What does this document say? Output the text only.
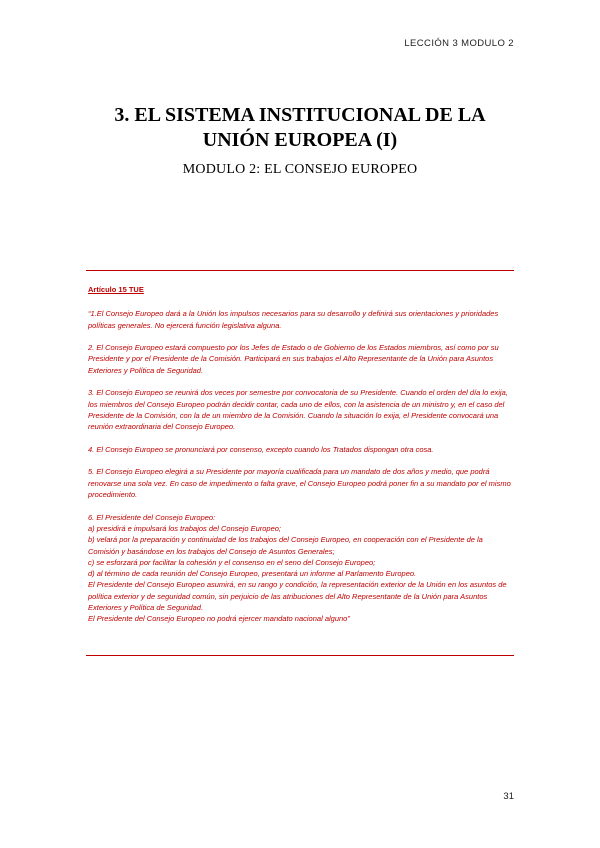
LECCIÓN 3 MODULO 2
3. EL SISTEMA INSTITUCIONAL DE LA
UNIÓN EUROPEA (I)
MODULO 2: EL CONSEJO EUROPEO
Artículo 15 TUE
“1.El Consejo Europeo dará a la Unión los impulsos necesarios para su desarrollo y definirá sus orientaciones y prioridades políticas generales. No ejercerá función legislativa alguna.
2. El Consejo Europeo estará compuesto por los Jefes de Estado o de Gobierno de los Estados miembros, así como por su Presidente y por el Presidente de la Comisión. Participará en sus trabajos el Alto Representante de la Unión para Asuntos Exteriores y Política de Seguridad.
3. El Consejo Europeo se reunirá dos veces por semestre por convocatoria de su Presidente. Cuando el orden del día lo exija, los miembros del Consejo Europeo podrán decidir contar, cada uno de ellos, con la asistencia de un ministro y, en el caso del Presidente de la Comisión, con la de un miembro de la Comisión. Cuando la situación lo exija, el Presidente convocará una reunión extraordinaria del Consejo Europeo.
4. El Consejo Europeo se pronunciará por consenso, excepto cuando los Tratados dispongan otra cosa.
5. El Consejo Europeo elegirá a su Presidente por mayoría cualificada para un mandato de dos años y medio, que podrá renovarse una sola vez. En caso de impedimento o falta grave, el Consejo Europeo podrá poner fin a su mandato por el mismo procedimiento.
6. El Presidente del Consejo Europeo:
a) presidirá e impulsará los trabajos del Consejo Europeo;
b) velará por la preparación y continuidad de los trabajos del Consejo Europeo, en cooperación con el Presidente de la Comisión y basándose en los trabajos del Consejo de Asuntos Generales;
c) se esforzará por facilitar la cohesión y el consenso en el seno del Consejo Europeo;
d) al término de cada reunión del Consejo Europeo, presentará un informe al Parlamento Europeo.
El Presidente del Consejo Europeo asumirá, en su rango y condición, la representación exterior de la Unión en los asuntos de política exterior y de seguridad común, sin perjuicio de las atribuciones del Alto Representante de la Unión para Asuntos Exteriores y Política de Seguridad.
El Presidente del Consejo Europeo no podrá ejercer mandato nacional alguno”
31
